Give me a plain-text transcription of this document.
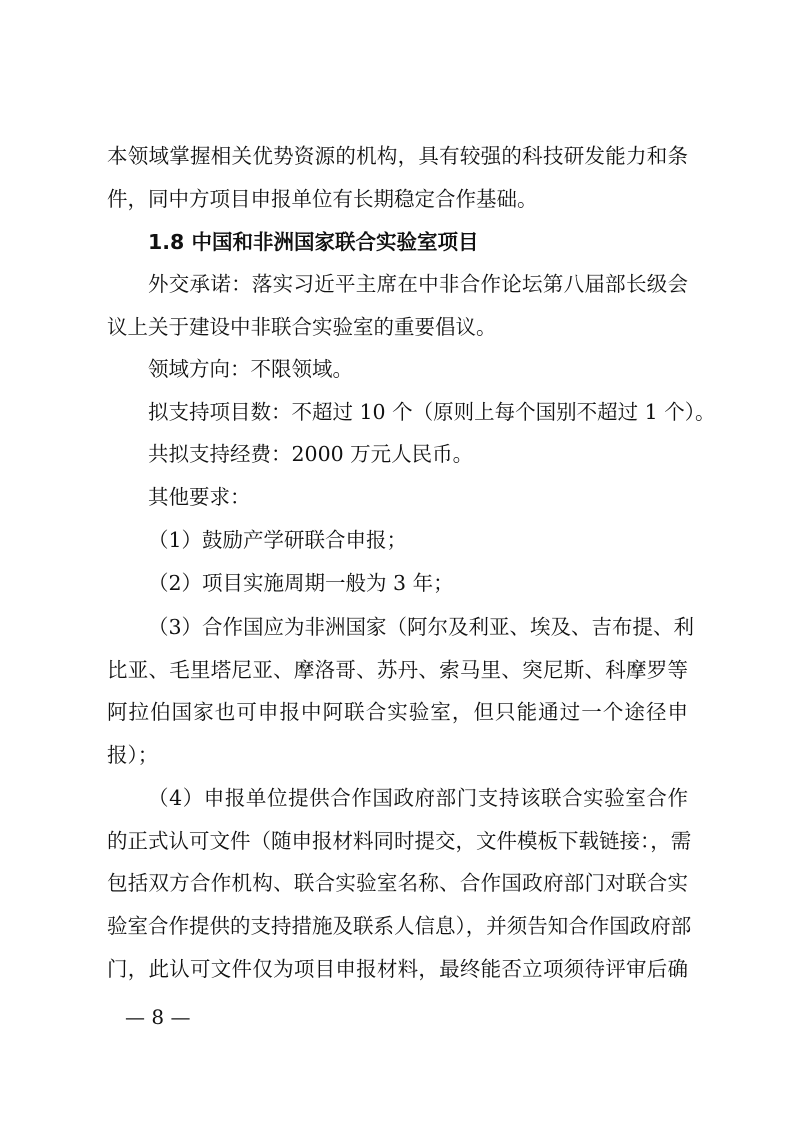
本领域掌握相关优势资源的机构，具有较强的科技研发能力和条
件，同中方项目申报单位有长期稳定合作基础。
1.8 中国和非洲国家联合实验室项目
外交承诺：落实习近平主席在中非合作论坛第八届部长级会
议上关于建设中非联合实验室的重要倡议。
领域方向：不限领域。
拟支持项目数：不超过 10 个（原则上每个国别不超过 1 个）。
共拟支持经费：2000 万元人民币。
其他要求：
（1）鼓励产学研联合申报；
（2）项目实施周期一般为 3 年；
（3）合作国应为非洲国家（阿尔及利亚、埃及、吉布提、利
比亚、毛里塔尼亚、摩洛哥、苏丹、索马里、突尼斯、科摩罗等
阿拉伯国家也可申报中阿联合实验室，但只能通过一个途径申
报）；
（4）申报单位提供合作国政府部门支持该联合实验室合作
的正式认可文件（随申报材料同时提交，文件模板下载链接：，需
包括双方合作机构、联合实验室名称、合作国政府部门对联合实
验室合作提供的支持措施及联系人信息），并须告知合作国政府部
门，此认可文件仅为项目申报材料，最终能否立项须待评审后确
— 8 —
